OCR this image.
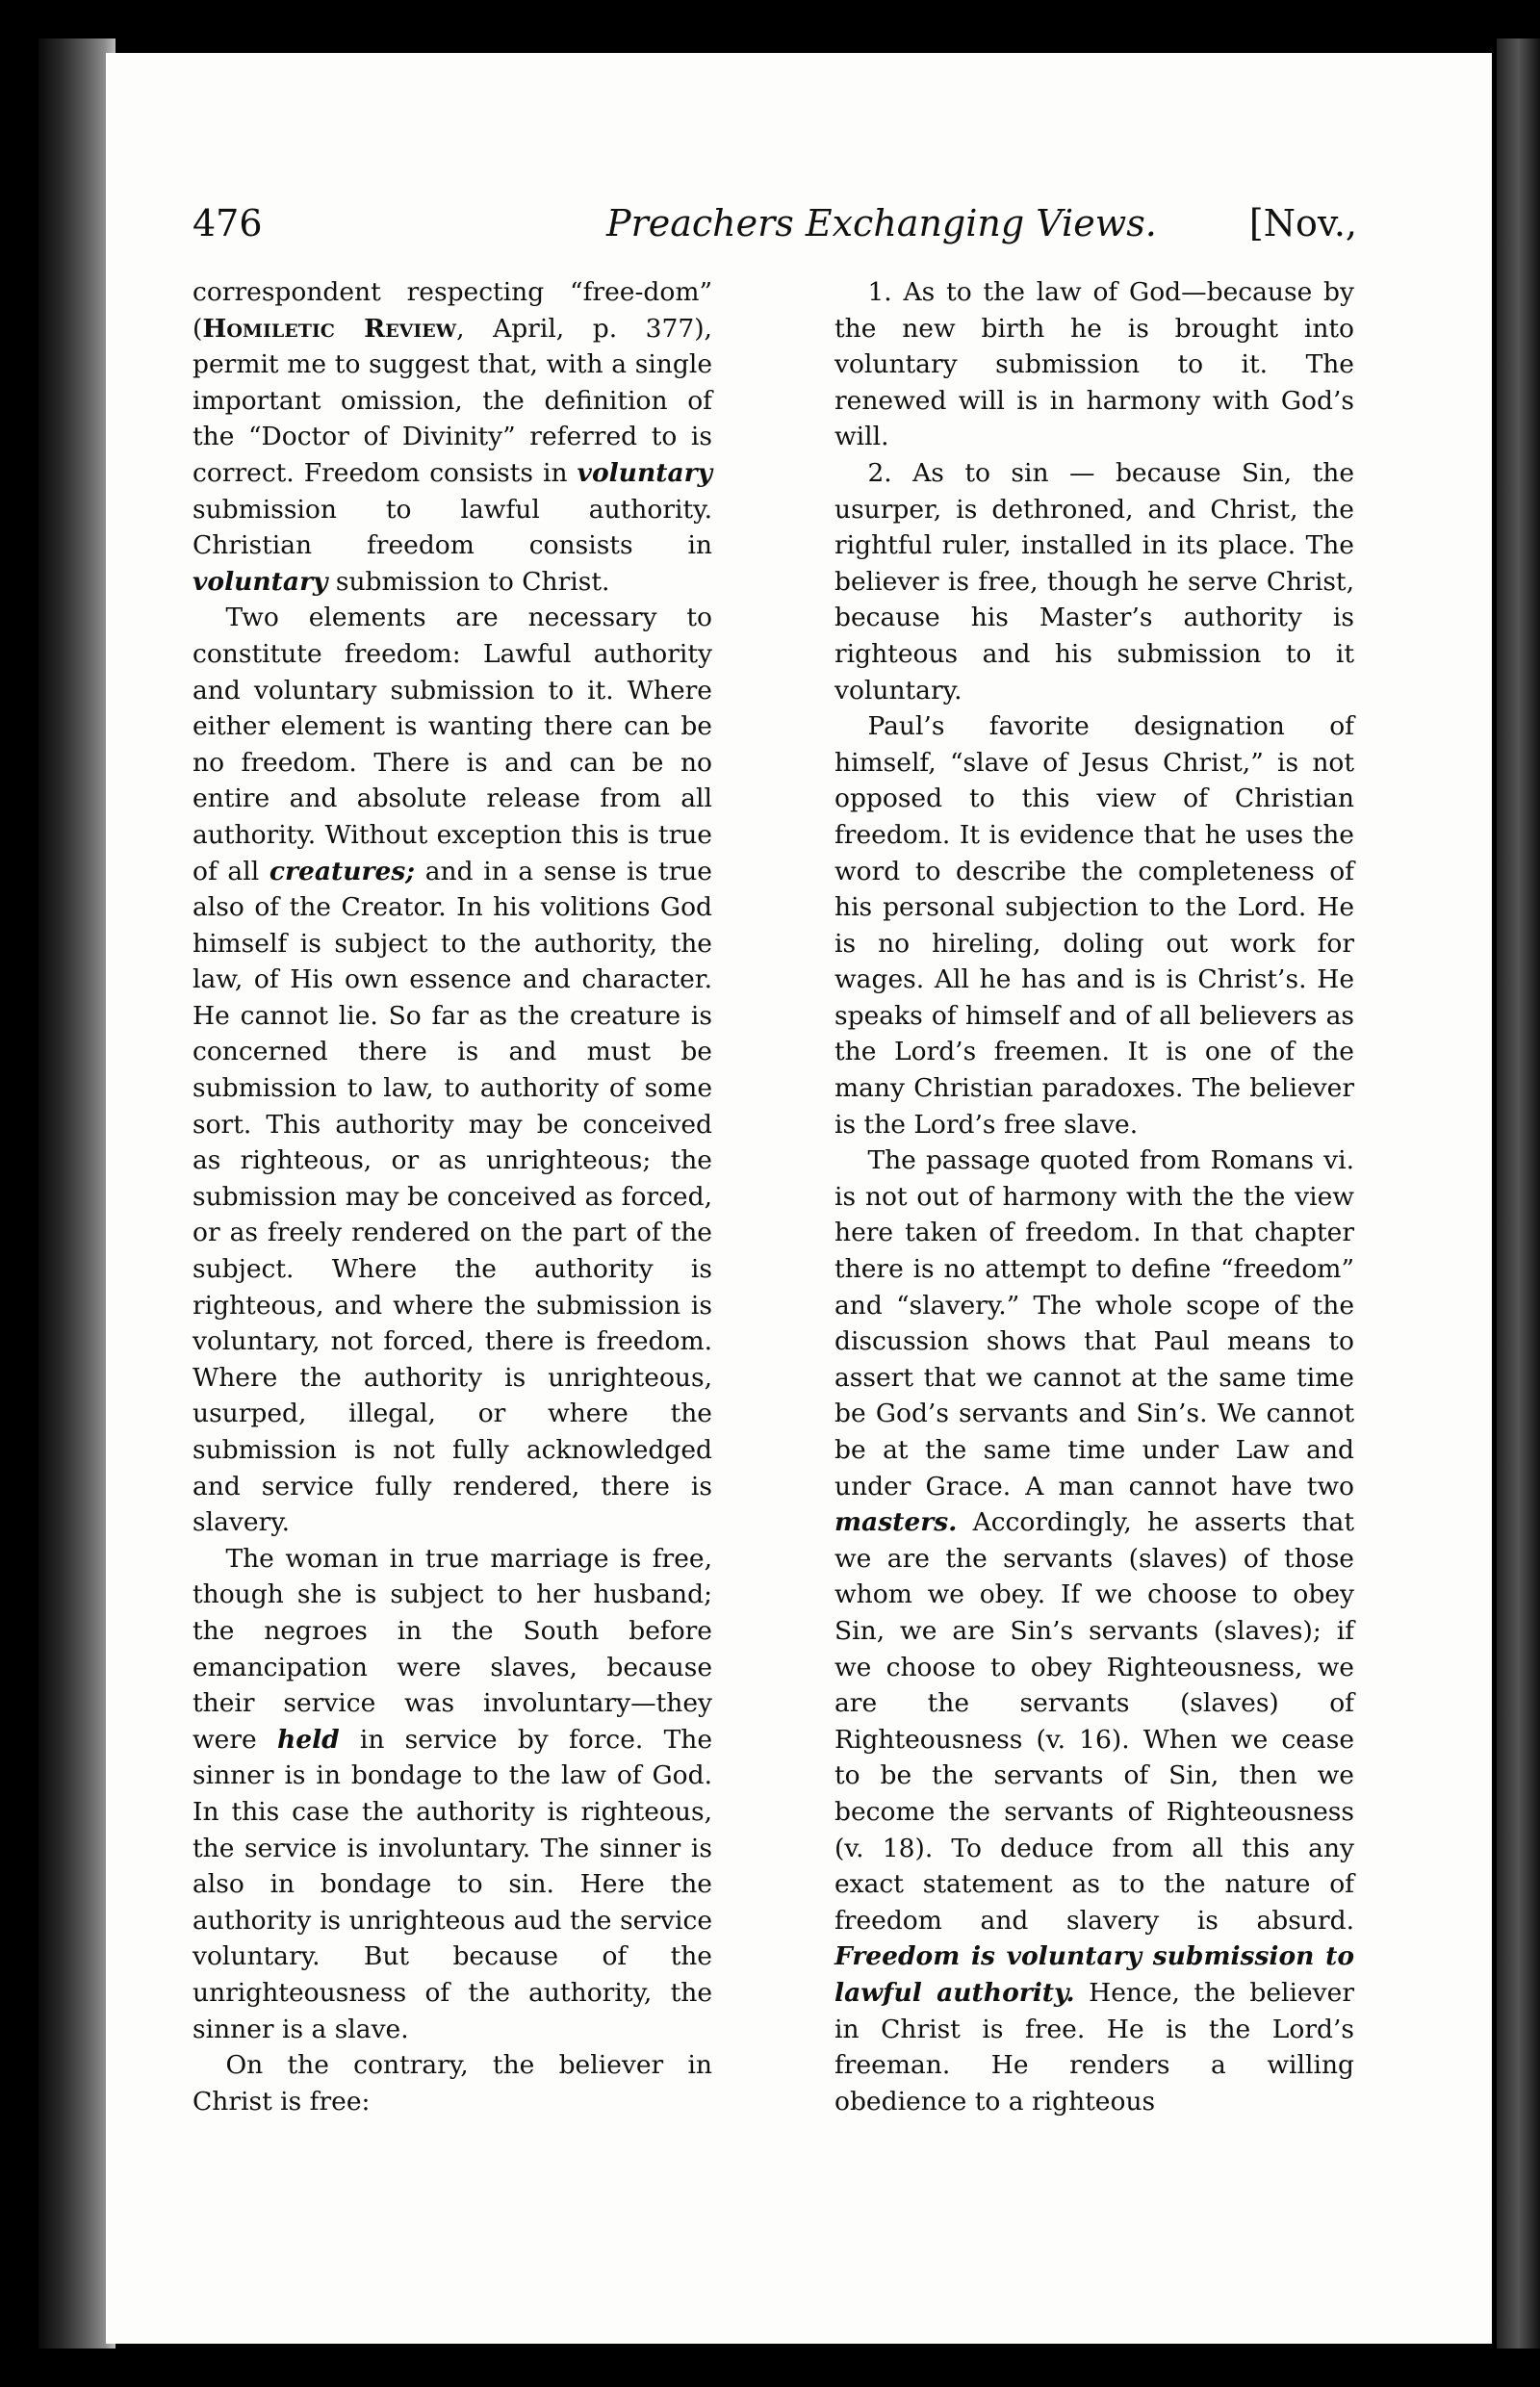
476	Preachers Exchanging Views.	[Nov.,

correspondent respecting “free-dom” (Homiletic Review, April, p. 377), permit me to suggest that, with a single important omission, the definition of the “Doctor of Divinity” referred to is correct. Freedom consists in voluntary submission to lawful authority. Christian freedom consists in voluntary submission to Christ.

Two elements are necessary to constitute freedom: Lawful authority and voluntary submission to it. Where either element is wanting there can be no freedom. There is and can be no entire and absolute release from all authority. Without exception this is true of all creatures; and in a sense is true also of the Creator. In his volitions God himself is subject to the authority, the law, of His own essence and character. He cannot lie. So far as the creature is concerned there is and must be submission to law, to authority of some sort. This authority may be conceived as righteous, or as unrighteous; the submission may be conceived as forced, or as freely rendered on the part of the subject. Where the authority is righteous, and where the submission is voluntary, not forced, there is freedom. Where the authority is unrighteous, usurped, illegal, or where the submission is not fully acknowledged and service fully rendered, there is slavery.

The woman in true marriage is free, though she is subject to her husband; the negroes in the South before emancipation were slaves, because their service was involuntary—they were held in service by force. The sinner is in bondage to the law of God. In this case the authority is righteous, the service is involuntary. The sinner is also in bondage to sin. Here the authority is unrighteous aud the service voluntary. But because of the unrighteousness of the authority, the sinner is a slave.

On the contrary, the believer in Christ is free:

1. As to the law of God—because by the new birth he is brought into voluntary submission to it. The renewed will is in harmony with God’s will.

2. As to sin — because Sin, the usurper, is dethroned, and Christ, the rightful ruler, installed in its place. The believer is free, though he serve Christ, because his Master’s authority is righteous and his submission to it voluntary.

Paul’s favorite designation of himself, “slave of Jesus Christ,” is not opposed to this view of Christian freedom. It is evidence that he uses the word to describe the completeness of his personal subjection to the Lord. He is no hireling, doling out work for wages. All he has and is is Christ’s. He speaks of himself and of all believers as the Lord’s freemen. It is one of the many Christian paradoxes. The believer is the Lord’s free slave.

The passage quoted from Romans vi. is not out of harmony with the the view here taken of freedom. In that chapter there is no attempt to define “freedom” and “slavery.” The whole scope of the discussion shows that Paul means to assert that we cannot at the same time be God’s servants and Sin’s. We cannot be at the same time under Law and under Grace. A man cannot have two masters. Accordingly, he asserts that we are the servants (slaves) of those whom we obey. If we choose to obey Sin, we are Sin’s servants (slaves); if we choose to obey Righteousness, we are the servants (slaves) of Righteousness (v. 16). When we cease to be the servants of Sin, then we become the servants of Righteousness (v. 18). To deduce from all this any exact statement as to the nature of freedom and slavery is absurd. Freedom is voluntary submission to lawful authority. Hence, the believer in Christ is free. He is the Lord’s freeman. He renders a willing obedience to a righteous
